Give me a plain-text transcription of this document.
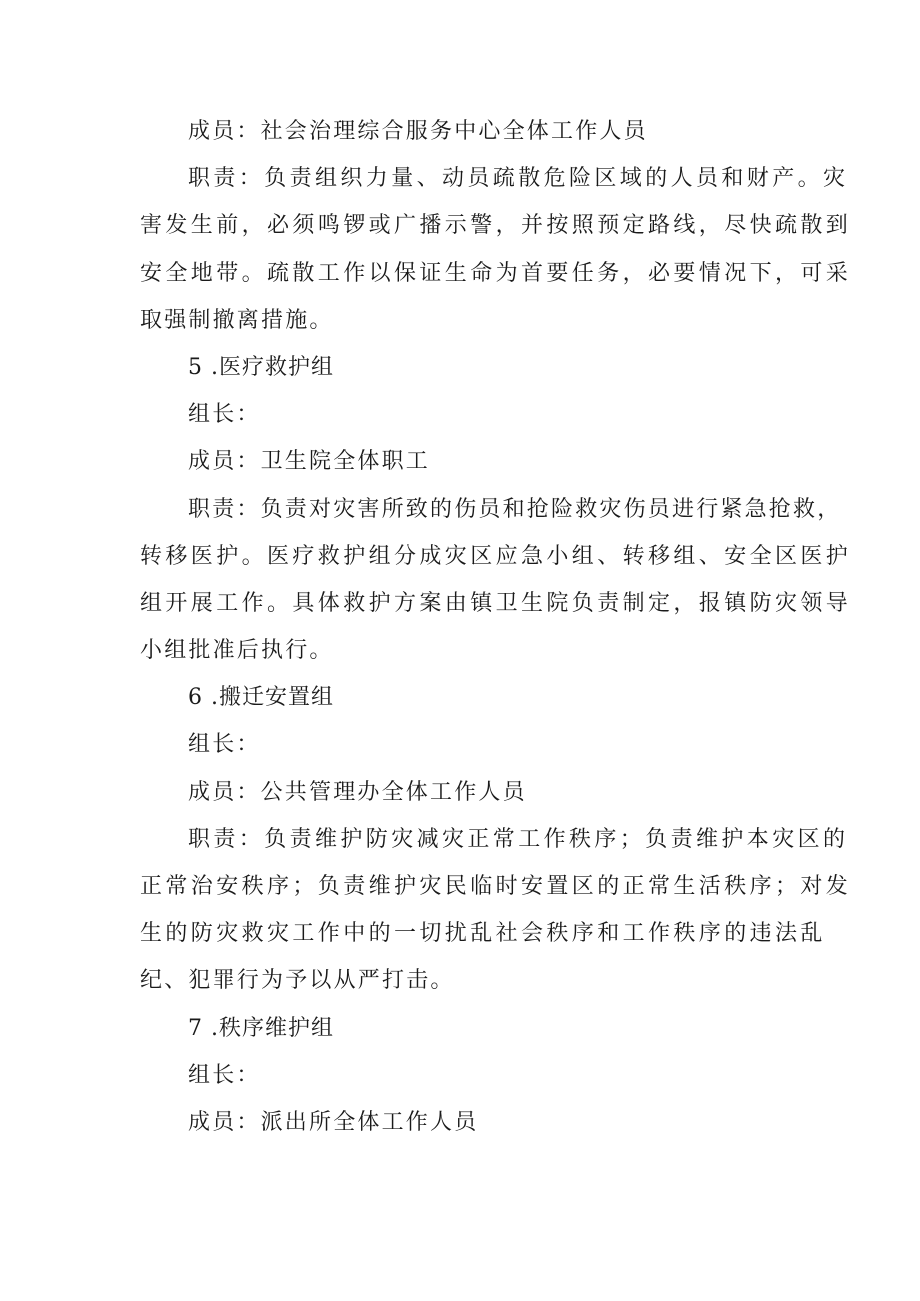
成员：社会治理综合服务中心全体工作人员
职责：负责组织力量、动员疏散危险区域的人员和财产。灾
害发生前，必须鸣锣或广播示警，并按照预定路线，尽快疏散到
安全地带。疏散工作以保证生命为首要任务，必要情况下，可采
取强制撤离措施。
5 .医疗救护组
组长：
成员：卫生院全体职工
职责：负责对灾害所致的伤员和抢险救灾伤员进行紧急抢救，
转移医护。医疗救护组分成灾区应急小组、转移组、安全区医护
组开展工作。具体救护方案由镇卫生院负责制定，报镇防灾领导
小组批准后执行。
6 .搬迁安置组
组长：
成员：公共管理办全体工作人员
职责：负责维护防灾减灾正常工作秩序；负责维护本灾区的
正常治安秩序；负责维护灾民临时安置区的正常生活秩序；对发
生的防灾救灾工作中的一切扰乱社会秩序和工作秩序的违法乱
纪、犯罪行为予以从严打击。
7 .秩序维护组
组长：
成员：派出所全体工作人员
